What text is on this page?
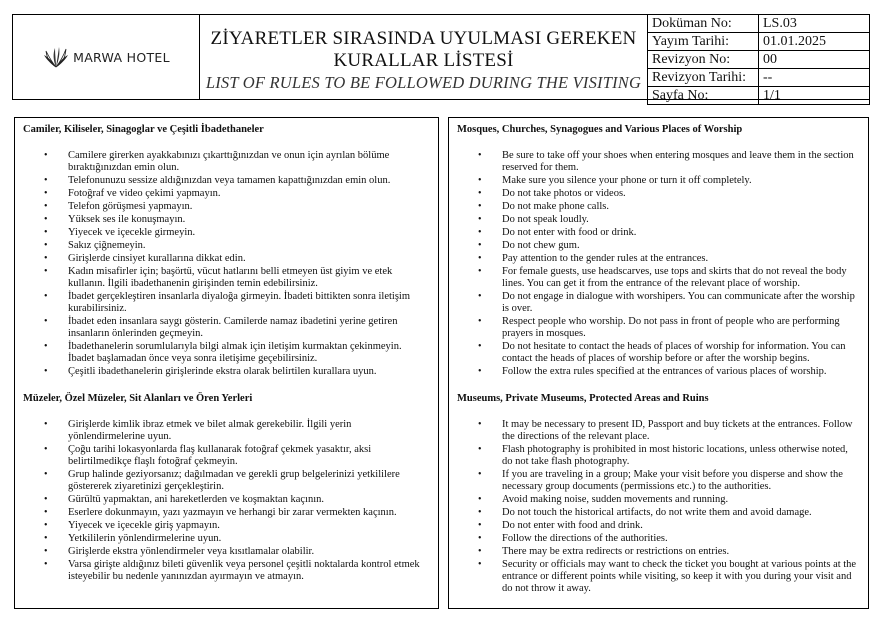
MARWA HOTEL
ZİYARETLER SIRASINDA UYULMASI GEREKEN
KURALLAR LİSTESİ
LIST OF RULES TO BE FOLLOWED DURING THE VISITING
Doküman No:	LS.03
Yayım Tarihi:	01.01.2025
Revizyon No:	00
Revizyon Tarihi:	--
Sayfa No:	1/1
Camiler, Kiliseler, Sinagoglar ve Çeşitli İbadethaneler
• Camilere girerken ayakkabınızı çıkarttığınızdan ve onun için ayrılan bölüme bıraktığınızdan emin olun.
• Telefonunuzu sessize aldığınızdan veya tamamen kapattığınızdan emin olun.
• Fotoğraf ve video çekimi yapmayın.
• Telefon görüşmesi yapmayın.
• Yüksek ses ile konuşmayın.
• Yiyecek ve içecekle girmeyin.
• Sakız çiğnemeyin.
• Girişlerde cinsiyet kurallarına dikkat edin.
• Kadın misafirler için; başörtü, vücut hatlarını belli etmeyen üst giyim ve etek kullanın. İlgili ibadethanenin girişinden temin edebilirsiniz.
• İbadet gerçekleştiren insanlarla diyaloğa girmeyin. İbadeti bittikten sonra iletişim kurabilirsiniz.
• İbadet eden insanlara saygı gösterin. Camilerde namaz ibadetini yerine getiren insanların önlerinden geçmeyin.
• İbadethanelerin sorumlularıyla bilgi almak için iletişim kurmaktan çekinmeyin. İbadet başlamadan önce veya sonra iletişime geçebilirsiniz.
• Çeşitli ibadethanelerin girişlerinde ekstra olarak belirtilen kurallara uyun.
Müzeler, Özel Müzeler, Sit Alanları ve Ören Yerleri
• Girişlerde kimlik ibraz etmek ve bilet almak gerekebilir. İlgili yerin yönlendirmelerine uyun.
• Çoğu tarihi lokasyonlarda flaş kullanarak fotoğraf çekmek yasaktır, aksi belirtilmedikçe flaşlı fotoğraf çekmeyin.
• Grup halinde geziyorsanız; dağılmadan ve gerekli grup belgelerinizi yetkililere göstererek ziyaretinizi gerçekleştirin.
• Gürültü yapmaktan, ani hareketlerden ve koşmaktan kaçının.
• Eserlere dokunmayın, yazı yazmayın ve herhangi bir zarar vermekten kaçının.
• Yiyecek ve içecekle giriş yapmayın.
• Yetkililerin yönlendirmelerine uyun.
• Girişlerde ekstra yönlendirmeler veya kısıtlamalar olabilir.
• Varsa girişte aldığınız bileti güvenlik veya personel çeşitli noktalarda kontrol etmek isteyebilir bu nedenle yanınızdan ayırmayın ve atmayın.
Mosques, Churches, Synagogues and Various Places of Worship
• Be sure to take off your shoes when entering mosques and leave them in the section reserved for them.
• Make sure you silence your phone or turn it off completely.
• Do not take photos or videos.
• Do not make phone calls.
• Do not speak loudly.
• Do not enter with food or drink.
• Do not chew gum.
• Pay attention to the gender rules at the entrances.
• For female guests, use headscarves, use tops and skirts that do not reveal the body lines. You can get it from the entrance of the relevant place of worship.
• Do not engage in dialogue with worshipers. You can communicate after the worship is over.
• Respect people who worship. Do not pass in front of people who are performing prayers in mosques.
• Do not hesitate to contact the heads of places of worship for information. You can contact the heads of places of worship before or after the worship begins.
• Follow the extra rules specified at the entrances of various places of worship.
Museums, Private Museums, Protected Areas and Ruins
• It may be necessary to present ID, Passport and buy tickets at the entrances. Follow the directions of the relevant place.
• Flash photography is prohibited in most historic locations, unless otherwise noted, do not take flash photography.
• If you are traveling in a group; Make your visit before you disperse and show the necessary group documents (permissions etc.) to the authorities.
• Avoid making noise, sudden movements and running.
• Do not touch the historical artifacts, do not write them and avoid damage.
• Do not enter with food and drink.
• Follow the directions of the authorities.
• There may be extra redirects or restrictions on entries.
• Security or officials may want to check the ticket you bought at various points at the entrance or different points while visiting, so keep it with you during your visit and do not throw it away.
